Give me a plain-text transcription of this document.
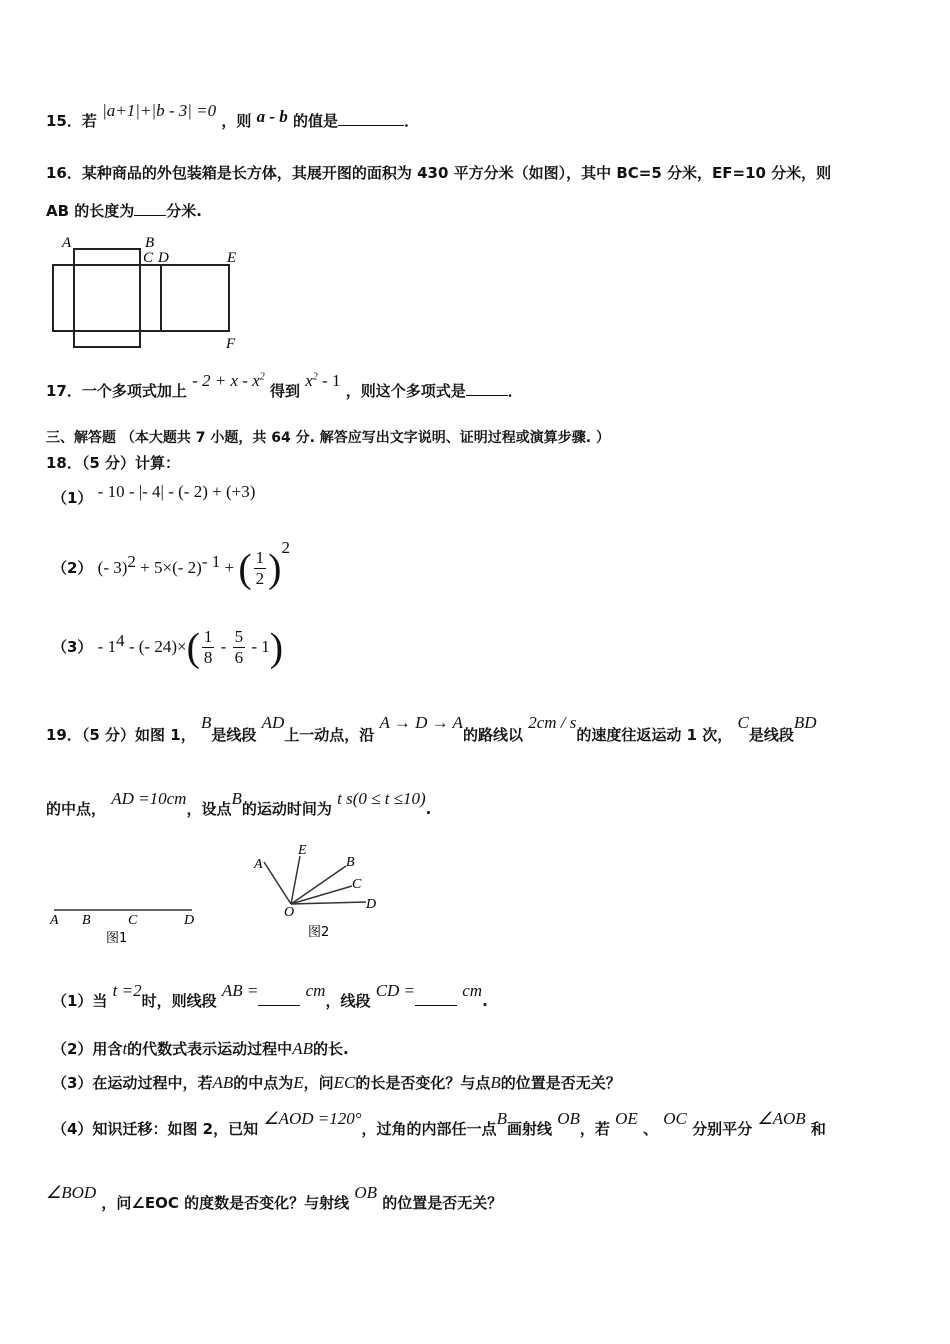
15．若 |a+1|+|b - 3| =0 ，则 a - b 的值是	．
16．某种商品的外包装箱是长方体，其展开图的面积为 430 平方分米（如图），其中 BC=5 分米，EF=10 分米，则
AB 的长度为 分米.
A	B
C D	E
F
17．一个多项式加上 - $2 + x - x^2$ 得到 $x^2 - 1$ ，则这个多项式是	．
三、解答题 （本大题共 7 小题，共 64 分. 解答应写出文字说明、证明过程或演算步骤. ）
18．（5 分）计算：
（1） - 10 - |- 4| - (- 2) + (+3)
（2） (- 3)$^2$ + 5×(- 2)$^{- 1}$ + ( $\frac{1}{2} )^2$
$(3) - 1^4$ - (- $24)\times( \frac{1}{8} - \frac{5}{6} - 1)$
19．（5 分）如图 1， B是线段 AD上一动点，沿 A → D → A的路线以 2cm / s的速度往返运动 1 次， C是线段BD
的中点， AD =10cm，设点B的运动时间为 t s(0 ≤ t ≤10).
A B	C	D
图1
A
E
B
C
D
O
图2
（1）当 t =2时，则线段 AB =	cm，线段 CD =	cm.
（2）用含t的代数式表示运动过程中AB的长.
（3）在运动过程中，若AB的中点为E，问EC的长是否变化？与点B的位置是否无关？
（4）知识迁移：如图 2，已知 ∠AOD =120°，过角的内部任一点B画射线 OB，若 OE 、 OC 分别平分 ∠AOB 和
∠BOD ，问∠EOC 的度数是否变化？与射线 OB 的位置是否无关？
